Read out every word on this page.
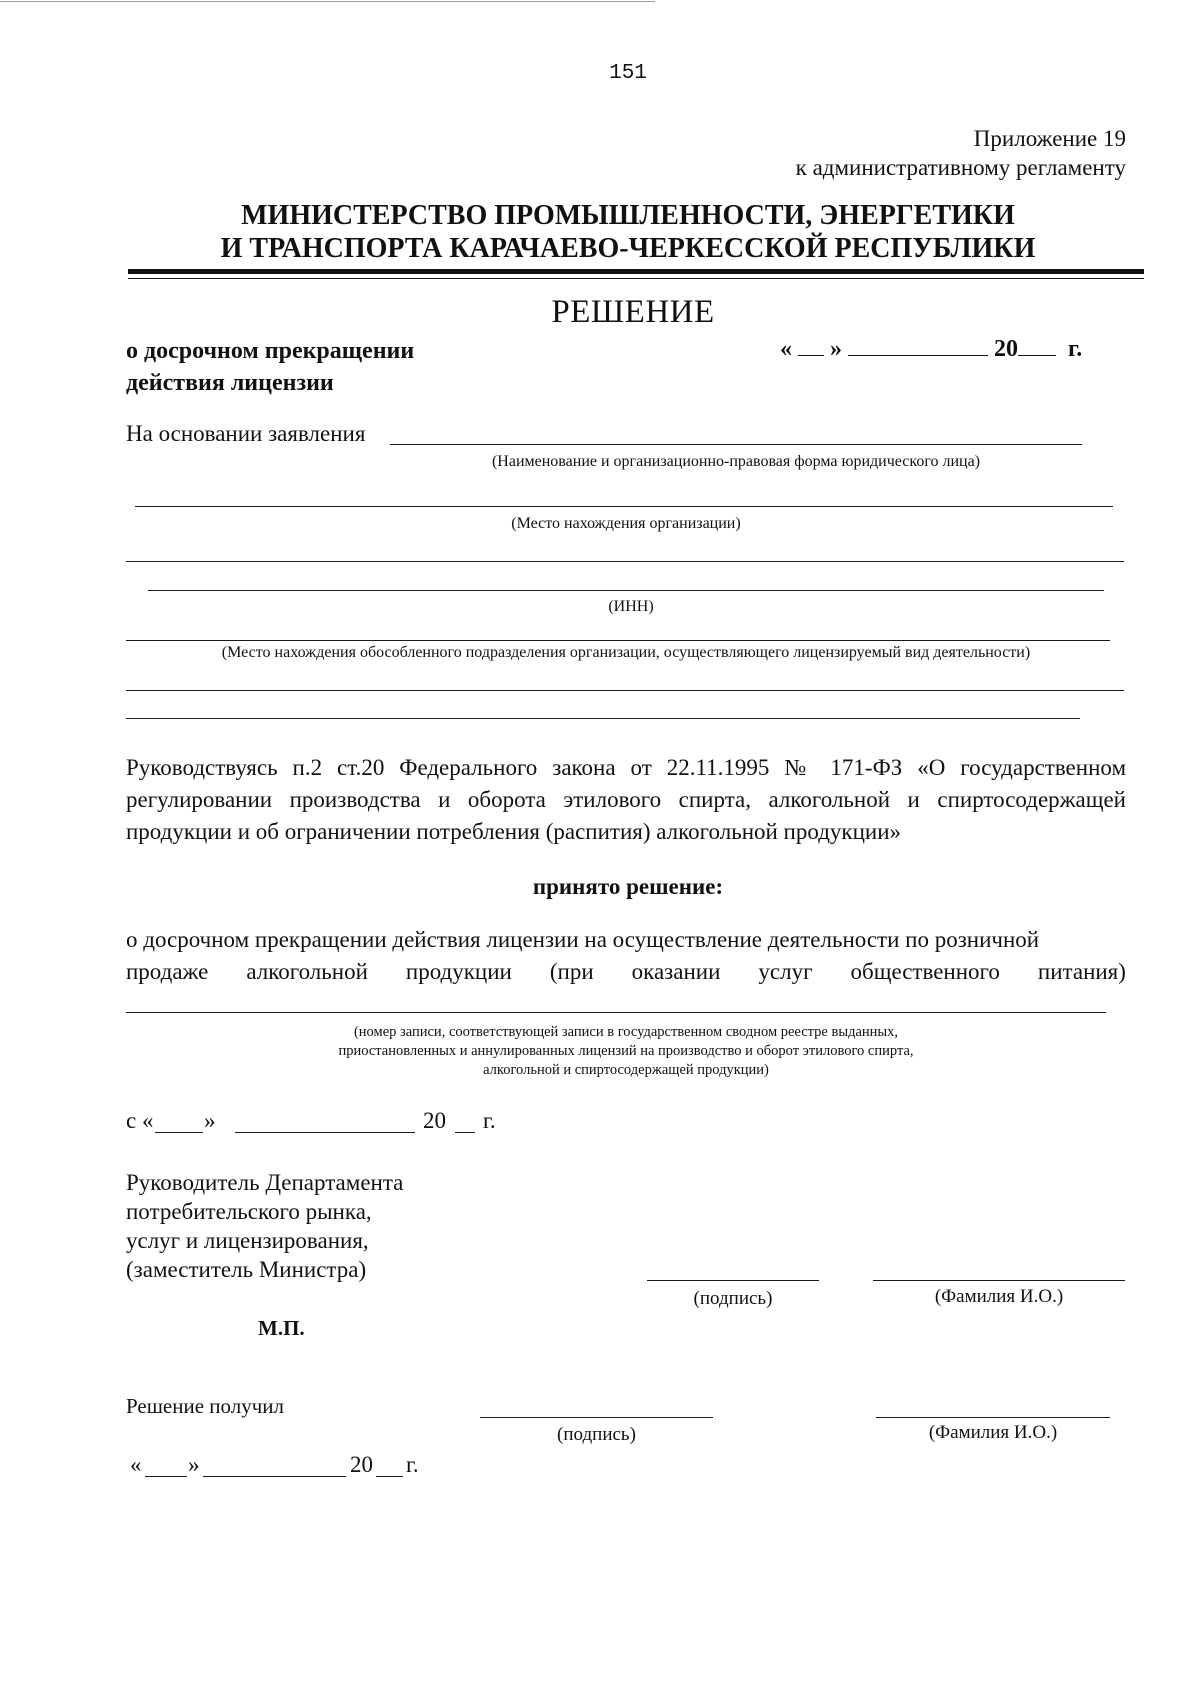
151
Приложение 19
к административному регламенту
МИНИСТЕРСТВО ПРОМЫШЛЕННОСТИ, ЭНЕРГЕТИКИ
И ТРАНСПОРТА КАРАЧАЕВО-ЧЕРКЕССКОЙ РЕСПУБЛИКИ
РЕШЕНИЕ
о досрочном прекращении
действия лицензии
« »	20 г.
На основании заявления
(Наименование и организационно-правовая форма юридического лица)
(Место нахождения организации)
(ИНН)
(Место нахождения обособленного подразделения организации, осуществляющего лицензируемый вид деятельности)
Руководствуясь п.2 ст.20 Федерального закона от 22.11.1995 № 171-ФЗ «О государственном регулировании производства и оборота этилового спирта, алкогольной и спиртосодержащей продукции и об ограничении потребления (распития) алкогольной продукции»
принято решение:
о досрочном прекращении действия лицензии на осуществление деятельности по розничной
продаже алкогольной продукции (при оказании услуг общественного питания)
(номер записи, соответствующей записи в государственном сводном реестре выданных,
приостановленных и аннулированных лицензий на производство и оборот этилового спирта,
алкогольной и спиртосодержащей продукции)
с « »	20 г.
Руководитель Департамента
потребительского рынка,
услуг и лицензирования,
(заместитель Министра)
(подпись)	(Фамилия И.О.)
М.П.
Решение получил
(подпись)	(Фамилия И.О.)
« »	20 г.
